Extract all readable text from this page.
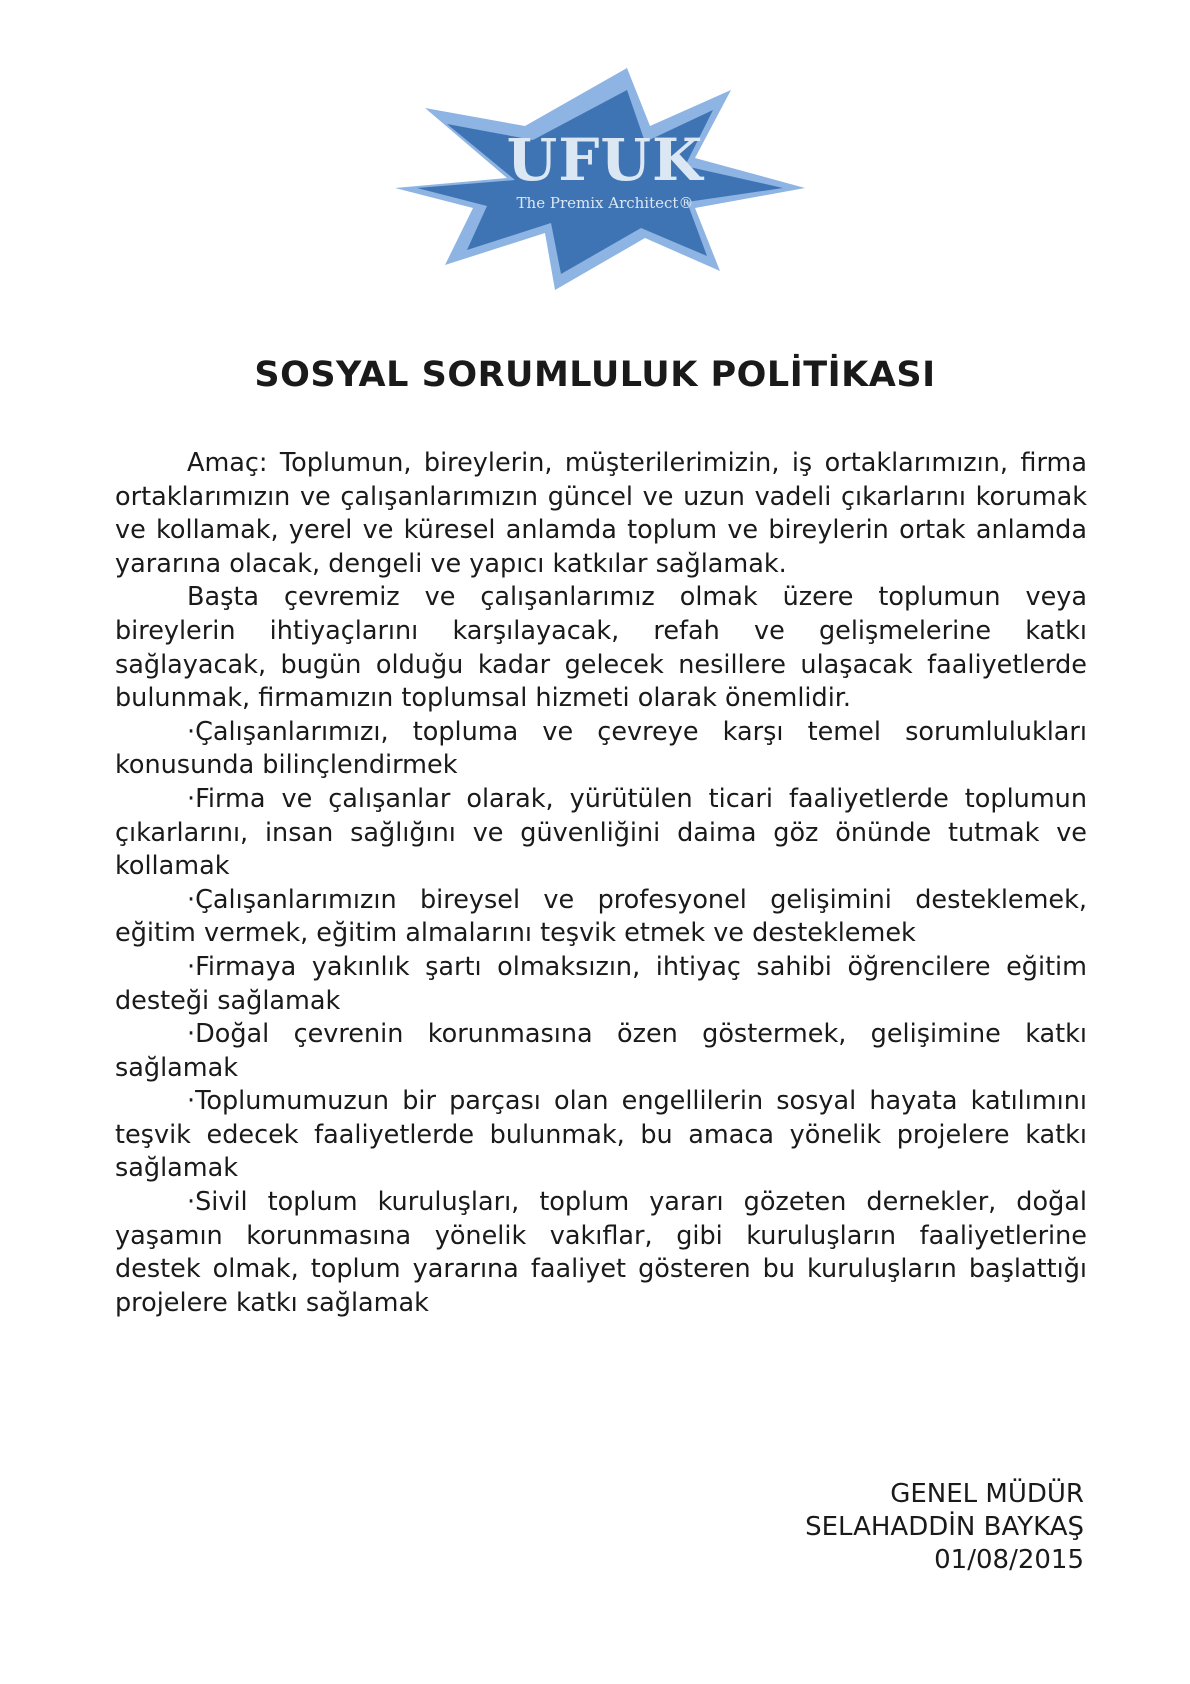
UFUK
The Premix Architect®
SOSYAL SORUMLULUK POLİTİKASI

Amaç: Toplumun, bireylerin, müşterilerimizin, iş ortaklarımızın, firma ortaklarımızın ve çalışanlarımızın güncel ve uzun vadeli çıkarlarını korumak ve kollamak, yerel ve küresel anlamda toplum ve bireylerin ortak anlamda yararına olacak, dengeli ve yapıcı katkılar sağlamak.

Başta çevremiz ve çalışanlarımız olmak üzere toplumun veya bireylerin ihtiyaçlarını karşılayacak, refah ve gelişmelerine katkı sağlayacak, bugün olduğu kadar gelecek nesillere ulaşacak faaliyetlerde bulunmak, firmamızın toplumsal hizmeti olarak önemlidir.

·Çalışanlarımızı, topluma ve çevreye karşı temel sorumlulukları konusunda bilinçlendirmek

·Firma ve çalışanlar olarak, yürütülen ticari faaliyetlerde toplumun çıkarlarını, insan sağlığını ve güvenliğini daima göz önünde tutmak ve kollamak

·Çalışanlarımızın bireysel ve profesyonel gelişimini desteklemek, eğitim vermek, eğitim almalarını teşvik etmek ve desteklemek

·Firmaya yakınlık şartı olmaksızın, ihtiyaç sahibi öğrencilere eğitim desteği sağlamak

·Doğal çevrenin korunmasına özen göstermek, gelişimine katkı sağlamak

·Toplumumuzun bir parçası olan engellilerin sosyal hayata katılımını teşvik edecek faaliyetlerde bulunmak, bu amaca yönelik projelere katkı sağlamak

·Sivil toplum kuruluşları, toplum yararı gözeten dernekler, doğal yaşamın korunmasına yönelik vakıflar, gibi kuruluşların faaliyetlerine destek olmak, toplum yararına faaliyet gösteren bu kuruluşların başlattığı projelere katkı sağlamak

GENEL MÜDÜR
SELAHADDİN BAYKAŞ
01/08/2015
